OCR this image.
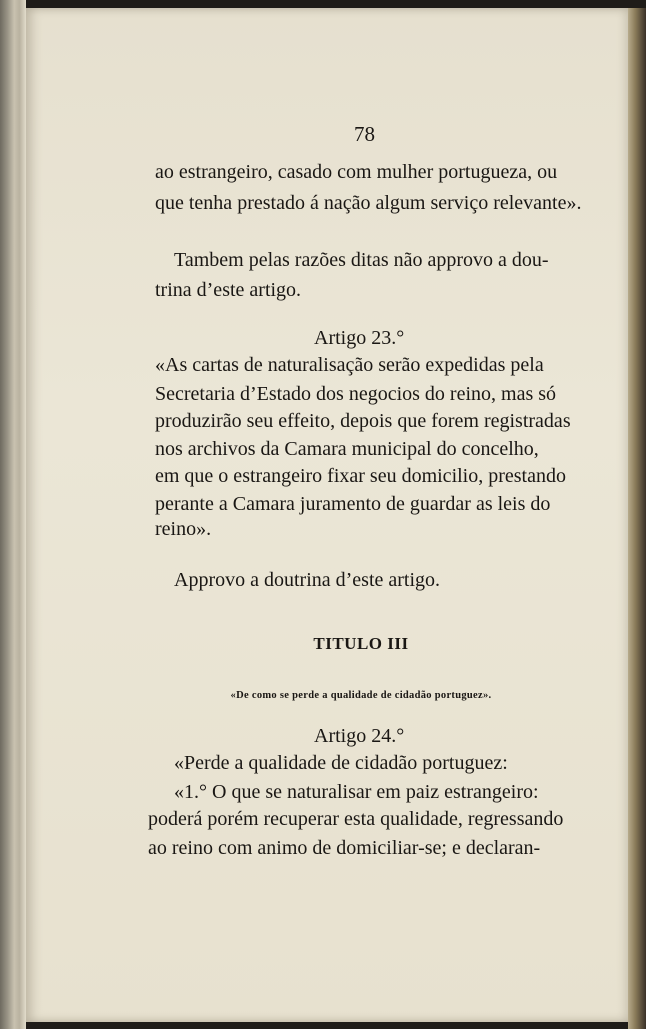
78
ao estrangeiro, casado com mulher portugueza, ou
que tenha prestado á nação algum serviço relevante».
Tambem pelas razões ditas não approvo a dou-
trina d’este artigo.
Artigo 23.°
«As cartas de naturalisação serão expedidas pela
Secretaria d’Estado dos negocios do reino, mas só
produzirão seu effeito, depois que forem registradas
nos archivos da Camara municipal do concelho,
em que o estrangeiro fixar seu domicilio, prestando
perante a Camara juramento de guardar as leis do
reino».
Approvo a doutrina d’este artigo.
TITULO III
«De como se perde a qualidade de cidadão portuguez».
Artigo 24.°
«Perde a qualidade de cidadão portuguez:
«1.° O que se naturalisar em paiz estrangeiro:
poderá porém recuperar esta qualidade, regressando
ao reino com animo de domiciliar-se; e declaran-
